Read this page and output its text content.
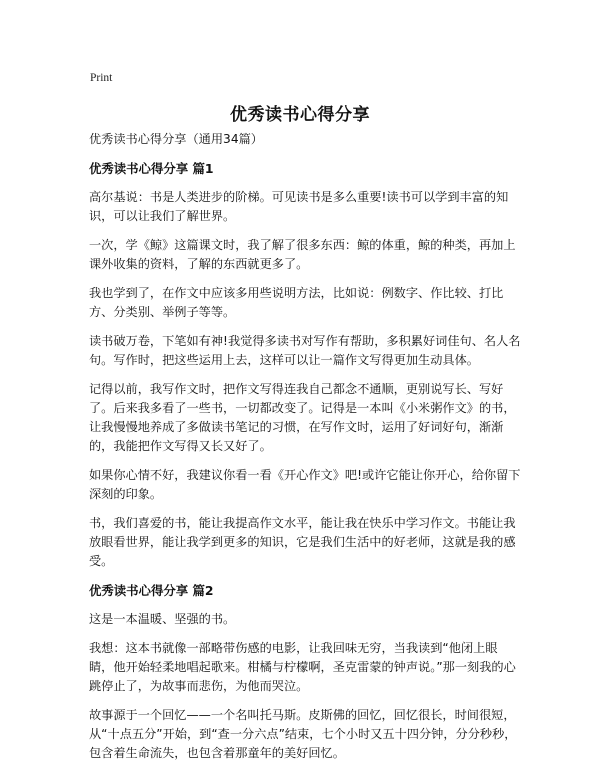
Print
优秀读书心得分享

优秀读书心得分享（通用34篇）

优秀读书心得分享 篇1

高尔基说：书是人类进步的阶梯。可见读书是多么重要!读书可以学到丰富的知识，可以让我们了解世界。

一次，学《鲸》这篇课文时，我了解了很多东西：鲸的体重，鲸的种类，再加上课外收集的资料，了解的东西就更多了。

我也学到了，在作文中应该多用些说明方法，比如说：例数字、作比较、打比方、分类别、举例子等等。

读书破万卷，下笔如有神!我觉得多读书对写作有帮助，多积累好词佳句、名人名句。写作时，把这些运用上去，这样可以让一篇作文写得更加生动具体。

记得以前，我写作文时，把作文写得连我自己都念不通顺，更别说写长、写好了。后来我多看了一些书，一切都改变了。记得是一本叫《小米粥作文》的书，让我慢慢地养成了多做读书笔记的习惯，在写作文时，运用了好词好句，渐渐的，我能把作文写得又长又好了。

如果你心情不好，我建议你看一看《开心作文》吧!或许它能让你开心，给你留下深刻的印象。

书，我们喜爱的书，能让我提高作文水平，能让我在快乐中学习作文。书能让我放眼看世界，能让我学到更多的知识，它是我们生活中的好老师，这就是我的感受。

优秀读书心得分享 篇2

这是一本温暖、坚强的书。

我想：这本书就像一部略带伤感的电影，让我回味无穷，当我读到“他闭上眼睛，他开始轻柔地唱起歌来。柑橘与柠檬啊，圣克雷蒙的钟声说。”那一刻我的心跳停止了，为故事而悲伤，为他而哭泣。

故事源于一个回忆——一个名叫托马斯。皮斯佛的回忆，回忆很长，时间很短，从“十点五分”开始，到“查一分六点”结束，七个小时又五十四分钟，分分秒秒，包含着生命流失，也包含着那童年的美好回忆。
